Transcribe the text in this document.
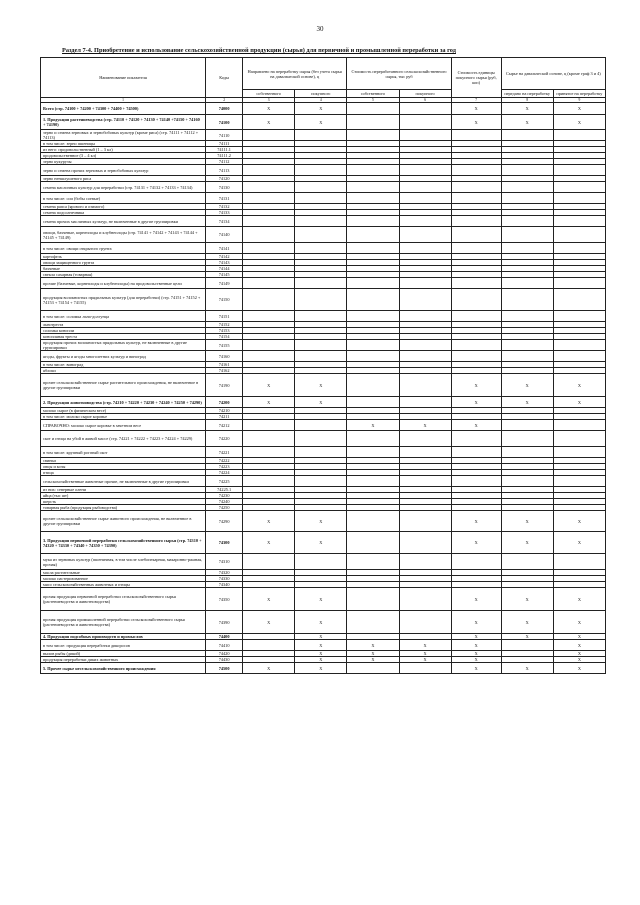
30
Раздел 7-4. Приобретение и использование сельскохозяйственной продукции (сырья) для первичной и промышленной переработки за год
Наименование показателя	Коды	Направлено на переработку сырья (без учета сырья на давальческой основе), ц		Стоимость переработанного сельскохозяйственного сырья, тыс руб		Стоимость единицы покупного сырья (руб, коп)	Сырье на давальческой основе, ц (кроме граф 3 и 4)	
		собственного	покупного	собственного	покупного		передано на переработку	принятое на переработку
1	2	3	4	5	6	7	8	9
Всего (стр. 74100 + 74200 + 74300 + 74400 + 74500)	74000	X	X			X	X	X
1. Продукция растениеводства (стр. 74110 + 74120 + 74130 + 74140 +74150 + 74160 + 74190)	74100	X	X			X	X	X
зерно и семена зерновых и зернобобовых культур (кроме риса) (стр. 74111 + 74112 + 74113)	74110							
в том числе: зерно пшеницы	74111							
из него: продовольственный (1 – 3 кл)	74111.1							
продовольственное (3 – 4 кл)	74111.2							
зерно кукурузы	74112							
зерно и семена прочих зерновых и зернобобовых культур	74113							
зерно неншлушеного риса	74120							
семена масличных культур для переработки (стр. 74131 + 74132 + 74133 + 74134)	74130							
в том числе: сои (бобы соевые)	74131							
семена рапса (ярового и озимого)	74132							
семена подсолнечника	74133							
семена прочих масличных культур, не включенные в другие группировки	74134							
овощи, бахчевые, корнеплоды и клубнеплоды (стр. 74141 + 74142 + 74143 + 74144 + 74145 + 74149)	74140							
в том числе: овощи открытого грунта	74141							
картофель	74142							
овощи защищенного грунта	74143							
бахчевые	74144							
свекла сахарная (товарная)	74145							
прочие (бахчевые, корнеплоды и клубнеплоды) на продовольственные цели	74149							
продукция волокнистых прядильных культур (для переработки) (стр. 74151 + 74152 + 74153 + 74154 + 74155)	74150							
в том числе: соломка льна-долгунца	74151							
льнотреста	74152							
соломка конопли	74153							
конопляная треста	74154							
продукция прочих волокнистых прядильных культур, не включенные в другие группировки	74155							
ягоды, фрукты и ягоды многолетних культур и виноград	74160							
в том числе: виноград	74161							
яблоки	74162							
прочее сельскохозяйственное сырье растительного происхождения, не включенное в другие группировки	74190	X	X			X	X	X
2. Продукция животноводства (стр. 74210 + 74220 + 74230 + 74240 + 74250 + 74290)	74200	X	X			X	X	X
молоко сырое (в физическом весе)	74210							
в том числе: молоко сырое коровье	74211							
СПРАВОЧНО: молоко сырое коровье в зачетном весе	74212			X	X	X		
скот и птица на убой в живой массе (стр. 74221 + 74222 + 74223 + 74224 + 74229)	74220							
в том числе: крупный рогатый скот	74221							
свиньи	74222							
овцы и козы	74223							
птица	74224							
сельскохозяйственные животные прочие, не включенные в другие группировки	74225							
из них: северные олени	74225.1							
яйца (тыс шт)	74230							
шерсть	74240							
товарная рыба (продукция рыбоводства)	74250							
прочее сельскохозяйственное сырье животного происхождения, не включенное в другие группировки	74290	X	X			X	X	X
3. Продукция первичной переработки сельскохозяйственного сырья (стр. 74310 + 74320 + 74330 + 74340 + 74350 + 74390)	74300	X	X			X	X	X
мука из зерновых культур (пшеничная, в том числе хлебопекарная, макаронно-ржаная, прочая)	74310							
масла растительные	74320							
молоко пастеризованное	74330							
мясо сельскохозяйственных животных и птицы	74340							
прочая продукция первичной переработки сельскохозяйственного сырья (растениеводства и животноводства)	74350	X	X			X	X	X
прочая продукция промышленной переработки сельскохозяйственного сырья (растениеводства и животноводства)	74390	X	X			X	X	X
4. Продукция подсобных производств и промыслов	74400		X			X	X	X
в том числе: продукция переработки дикоросов	74410		X	X	X	X		X
вылов рыбы (дикой)	74420		X	X	X	X		X
продукция переработки диких животных	74430		X	X	X	X		X
5. Прочее сырье несельскохозяйственного происхождения	74500	X	X			X	X	X
